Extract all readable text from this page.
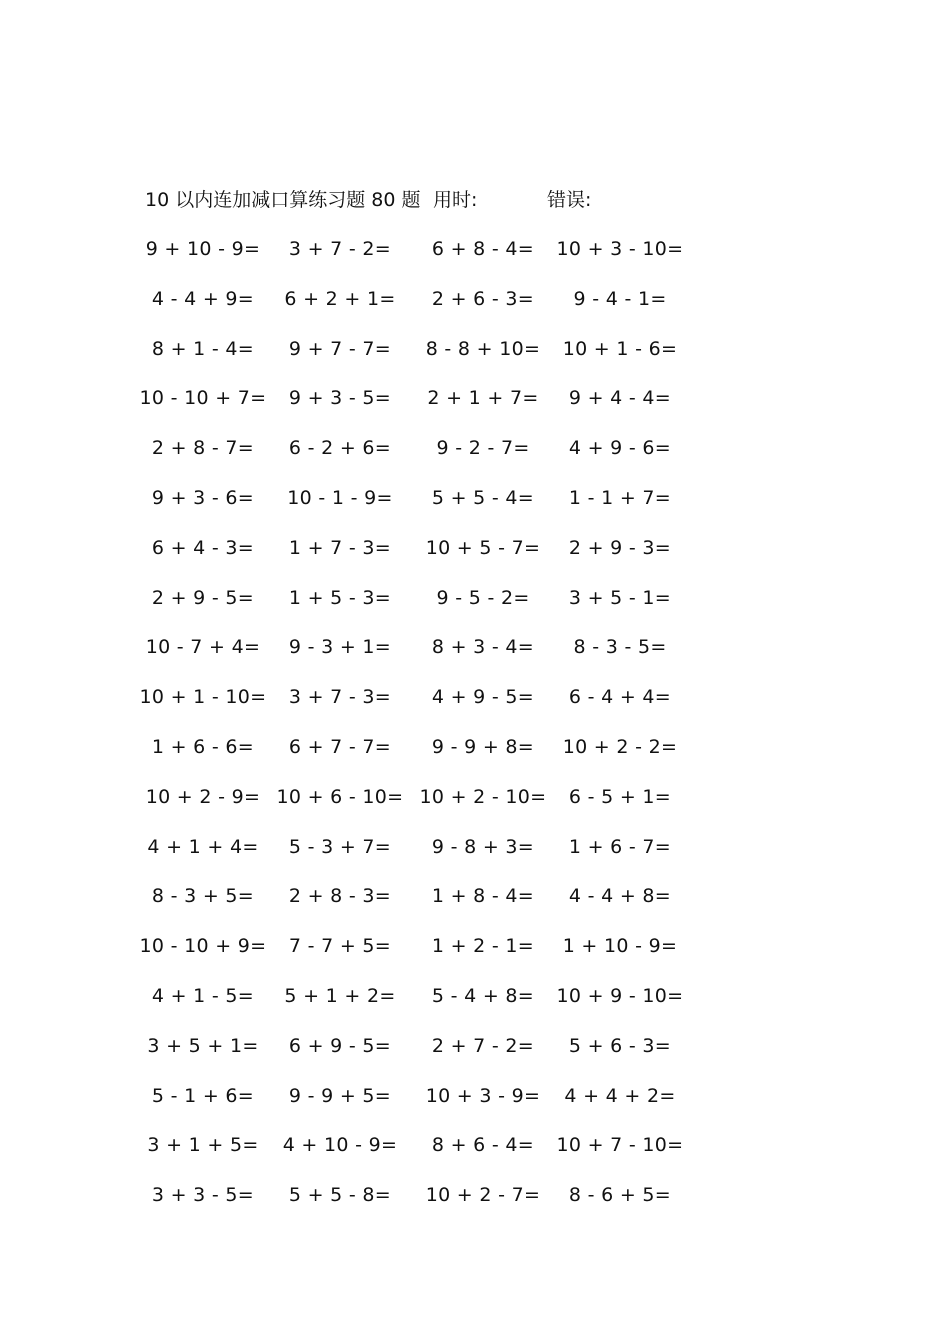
10 以内连加减口算练习题 80 题 用时:	错误:
9 + 10 - 9= 3 + 7 - 2= 6 + 8 - 4= 10 + 3 - 10=
4 - 4 + 9= 6 + 2 + 1= 2 + 6 - 3= 9 - 4 - 1=
8 + 1 - 4= 9 + 7 - 7= 8 - 8 + 10= 10 + 1 - 6=
10 - 10 + 7= 9 + 3 - 5= 2 + 1 + 7= 9 + 4 - 4=
2 + 8 - 7= 6 - 2 + 6= 9 - 2 - 7= 4 + 9 - 6=
9 + 3 - 6= 10 - 1 - 9= 5 + 5 - 4= 1 - 1 + 7=
6 + 4 - 3= 1 + 7 - 3= 10 + 5 - 7= 2 + 9 - 3=
2 + 9 - 5= 1 + 5 - 3= 9 - 5 - 2= 3 + 5 - 1=
10 - 7 + 4= 9 - 3 + 1= 8 + 3 - 4= 8 - 3 - 5=
10 + 1 - 10= 3 + 7 - 3= 4 + 9 - 5= 6 - 4 + 4=
1 + 6 - 6= 6 + 7 - 7= 9 - 9 + 8= 10 + 2 - 2=
10 + 2 - 9= 10 + 6 - 10= 10 + 2 - 10= 6 - 5 + 1=
4 + 1 + 4= 5 - 3 + 7= 9 - 8 + 3= 1 + 6 - 7=
8 - 3 + 5= 2 + 8 - 3= 1 + 8 - 4= 4 - 4 + 8=
10 - 10 + 9= 7 - 7 + 5= 1 + 2 - 1= 1 + 10 - 9=
4 + 1 - 5= 5 + 1 + 2= 5 - 4 + 8= 10 + 9 - 10=
3 + 5 + 1= 6 + 9 - 5= 2 + 7 - 2= 5 + 6 - 3=
5 - 1 + 6= 9 - 9 + 5= 10 + 3 - 9= 4 + 4 + 2=
3 + 1 + 5= 4 + 10 - 9= 8 + 6 - 4= 10 + 7 - 10=
3 + 3 - 5= 5 + 5 - 8= 10 + 2 - 7= 8 - 6 + 5=
